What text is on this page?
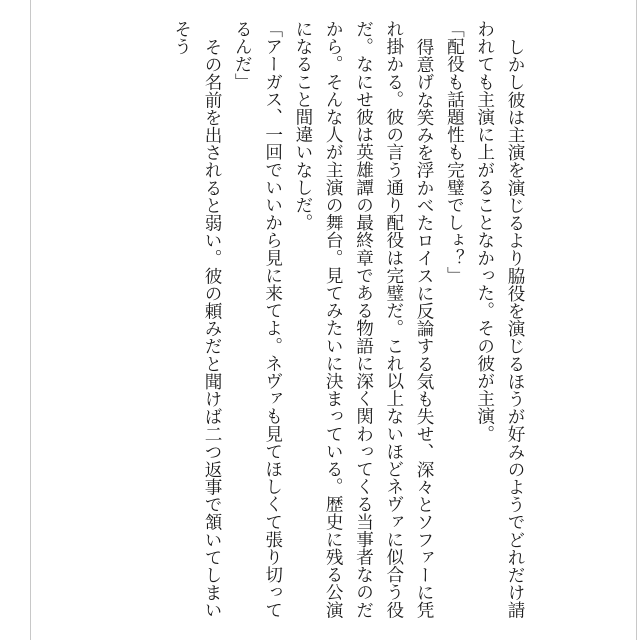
しかし彼は主演を演じるより脇役を演じるほうが好みのようでどれだけ請われても主演に上がることなかった。その彼が主演。

「配役も話題性も完璧でしょ？」

得意げな笑みを浮かべたロイスに反論する気も失せ、深々とソファーに凭れ掛かる。彼の言う通り配役は完璧だ。これ以上ないほどネヴァに似合う役だ。なにせ彼は英雄譚の最終章である物語に深く関わってくる当事者なのだから。そんな人が主演の舞台。見てみたいに決まっている。歴史に残る公演になること間違いなしだ。

「アーガス、一回でいいから見に来てよ。ネヴァも見てほしくて張り切ってるんだ」

その名前を出されると弱い。彼の頼みだと聞けば二つ返事で頷いてしまいそう
